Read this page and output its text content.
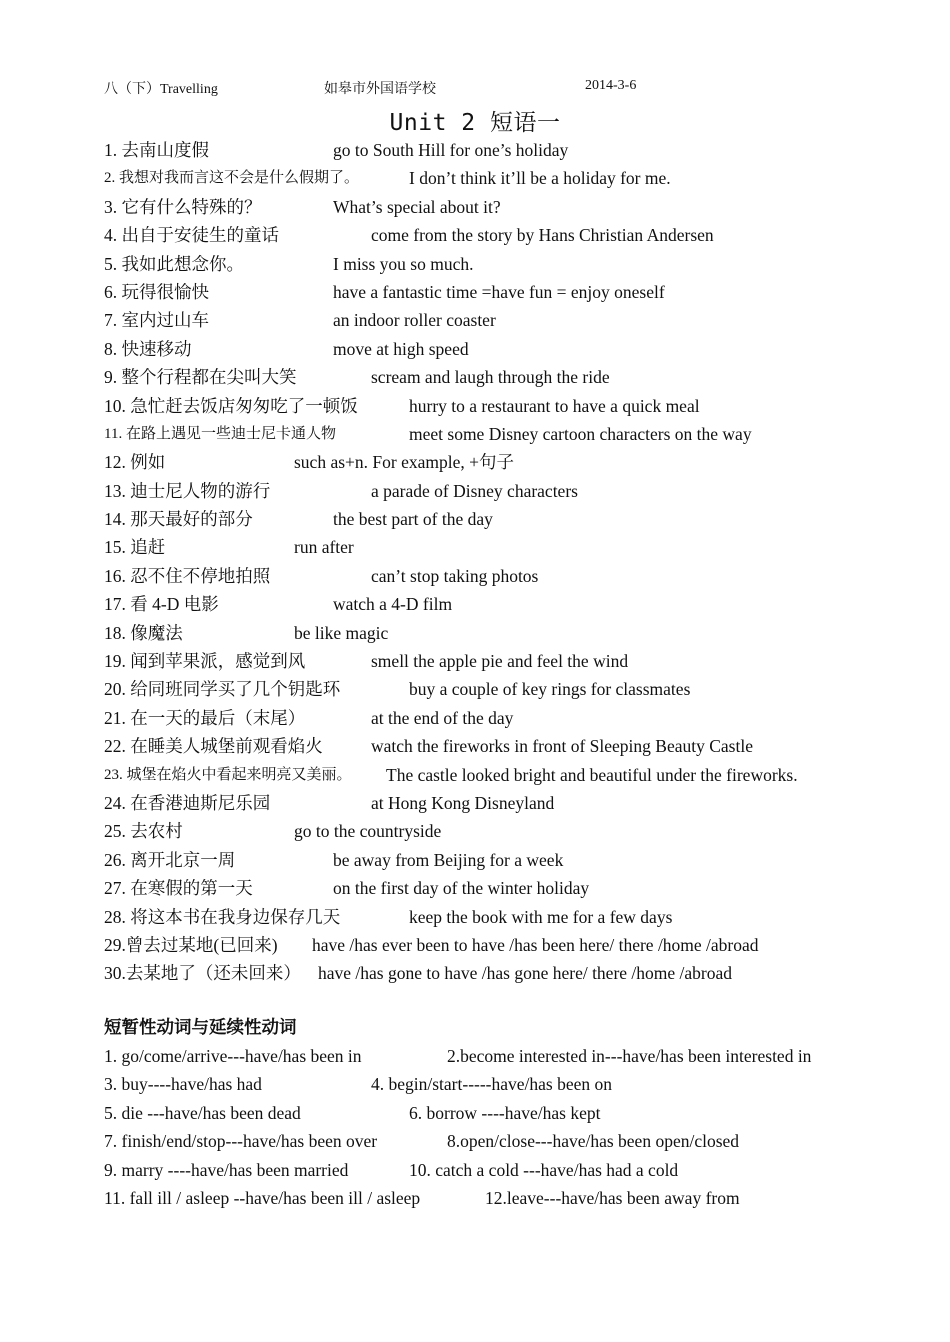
八（下）Travelling	如皋市外国语学校	2014-3-6
Unit 2 短语一
1. 去南山度假	go to South Hill for one’s holiday
2. 我想对我而言这不会是什么假期了。	I don’t think it’ll be a holiday for me.
3. 它有什么特殊的？	What’s special about it?
4. 出自于安徒生的童话	come from the story by Hans Christian Andersen
5. 我如此想念你。	I miss you so much.
6. 玩得很愉快	have a fantastic time =have fun = enjoy oneself
7. 室内过山车	an indoor roller coaster
8. 快速移动	move at high speed
9. 整个行程都在尖叫大笑	scream and laugh through the ride
10. 急忙赶去饭店匆匆吃了一顿饭	hurry to a restaurant to have a quick meal
11. 在路上遇见一些迪士尼卡通人物	meet some Disney cartoon characters on the way
12. 例如	such as+n. For example, +句子
13. 迪士尼人物的游行	a parade of Disney characters
14. 那天最好的部分	the best part of the day
15. 追赶	run after
16. 忍不住不停地拍照	can’t stop taking photos
17. 看 4-D 电影	watch a 4-D film
18. 像魔法	be like magic
19. 闻到苹果派，感觉到风	smell the apple pie and feel the wind
20. 给同班同学买了几个钥匙环	buy a couple of key rings for classmates
21. 在一天的最后（末尾）	at the end of the day
22. 在睡美人城堡前观看焰火	watch the fireworks in front of Sleeping Beauty Castle
23. 城堡在焰火中看起来明亮又美丽。 The castle looked bright and beautiful under the fireworks.
24. 在香港迪斯尼乐园	at Hong Kong Disneyland
25. 去农村	go to the countryside
26. 离开北京一周	be away from Beijing for a week
27. 在寒假的第一天	on the first day of the winter holiday
28. 将这本书在我身边保存几天	keep the book with me for a few days
29.曾去过某地(已回来) have /has ever been to have /has been here/ there /home /abroad
30.去某地了（还未回来） have /has gone to have /has gone here/ there /home /abroad
短暂性动词与延续性动词
1. go/come/arrive---have/has been in	2.become interested in---have/has been interested in
3. buy----have/has had	4. begin/start-----have/has been on
5. die ---have/has been dead	6. borrow ----have/has kept
7. finish/end/stop---have/has been over	8.open/close---have/has been open/closed
9. marry ----have/has been married	10. catch a cold ---have/has had a cold
11. fall ill / asleep --have/has been ill / asleep	12.leave---have/has been away from
